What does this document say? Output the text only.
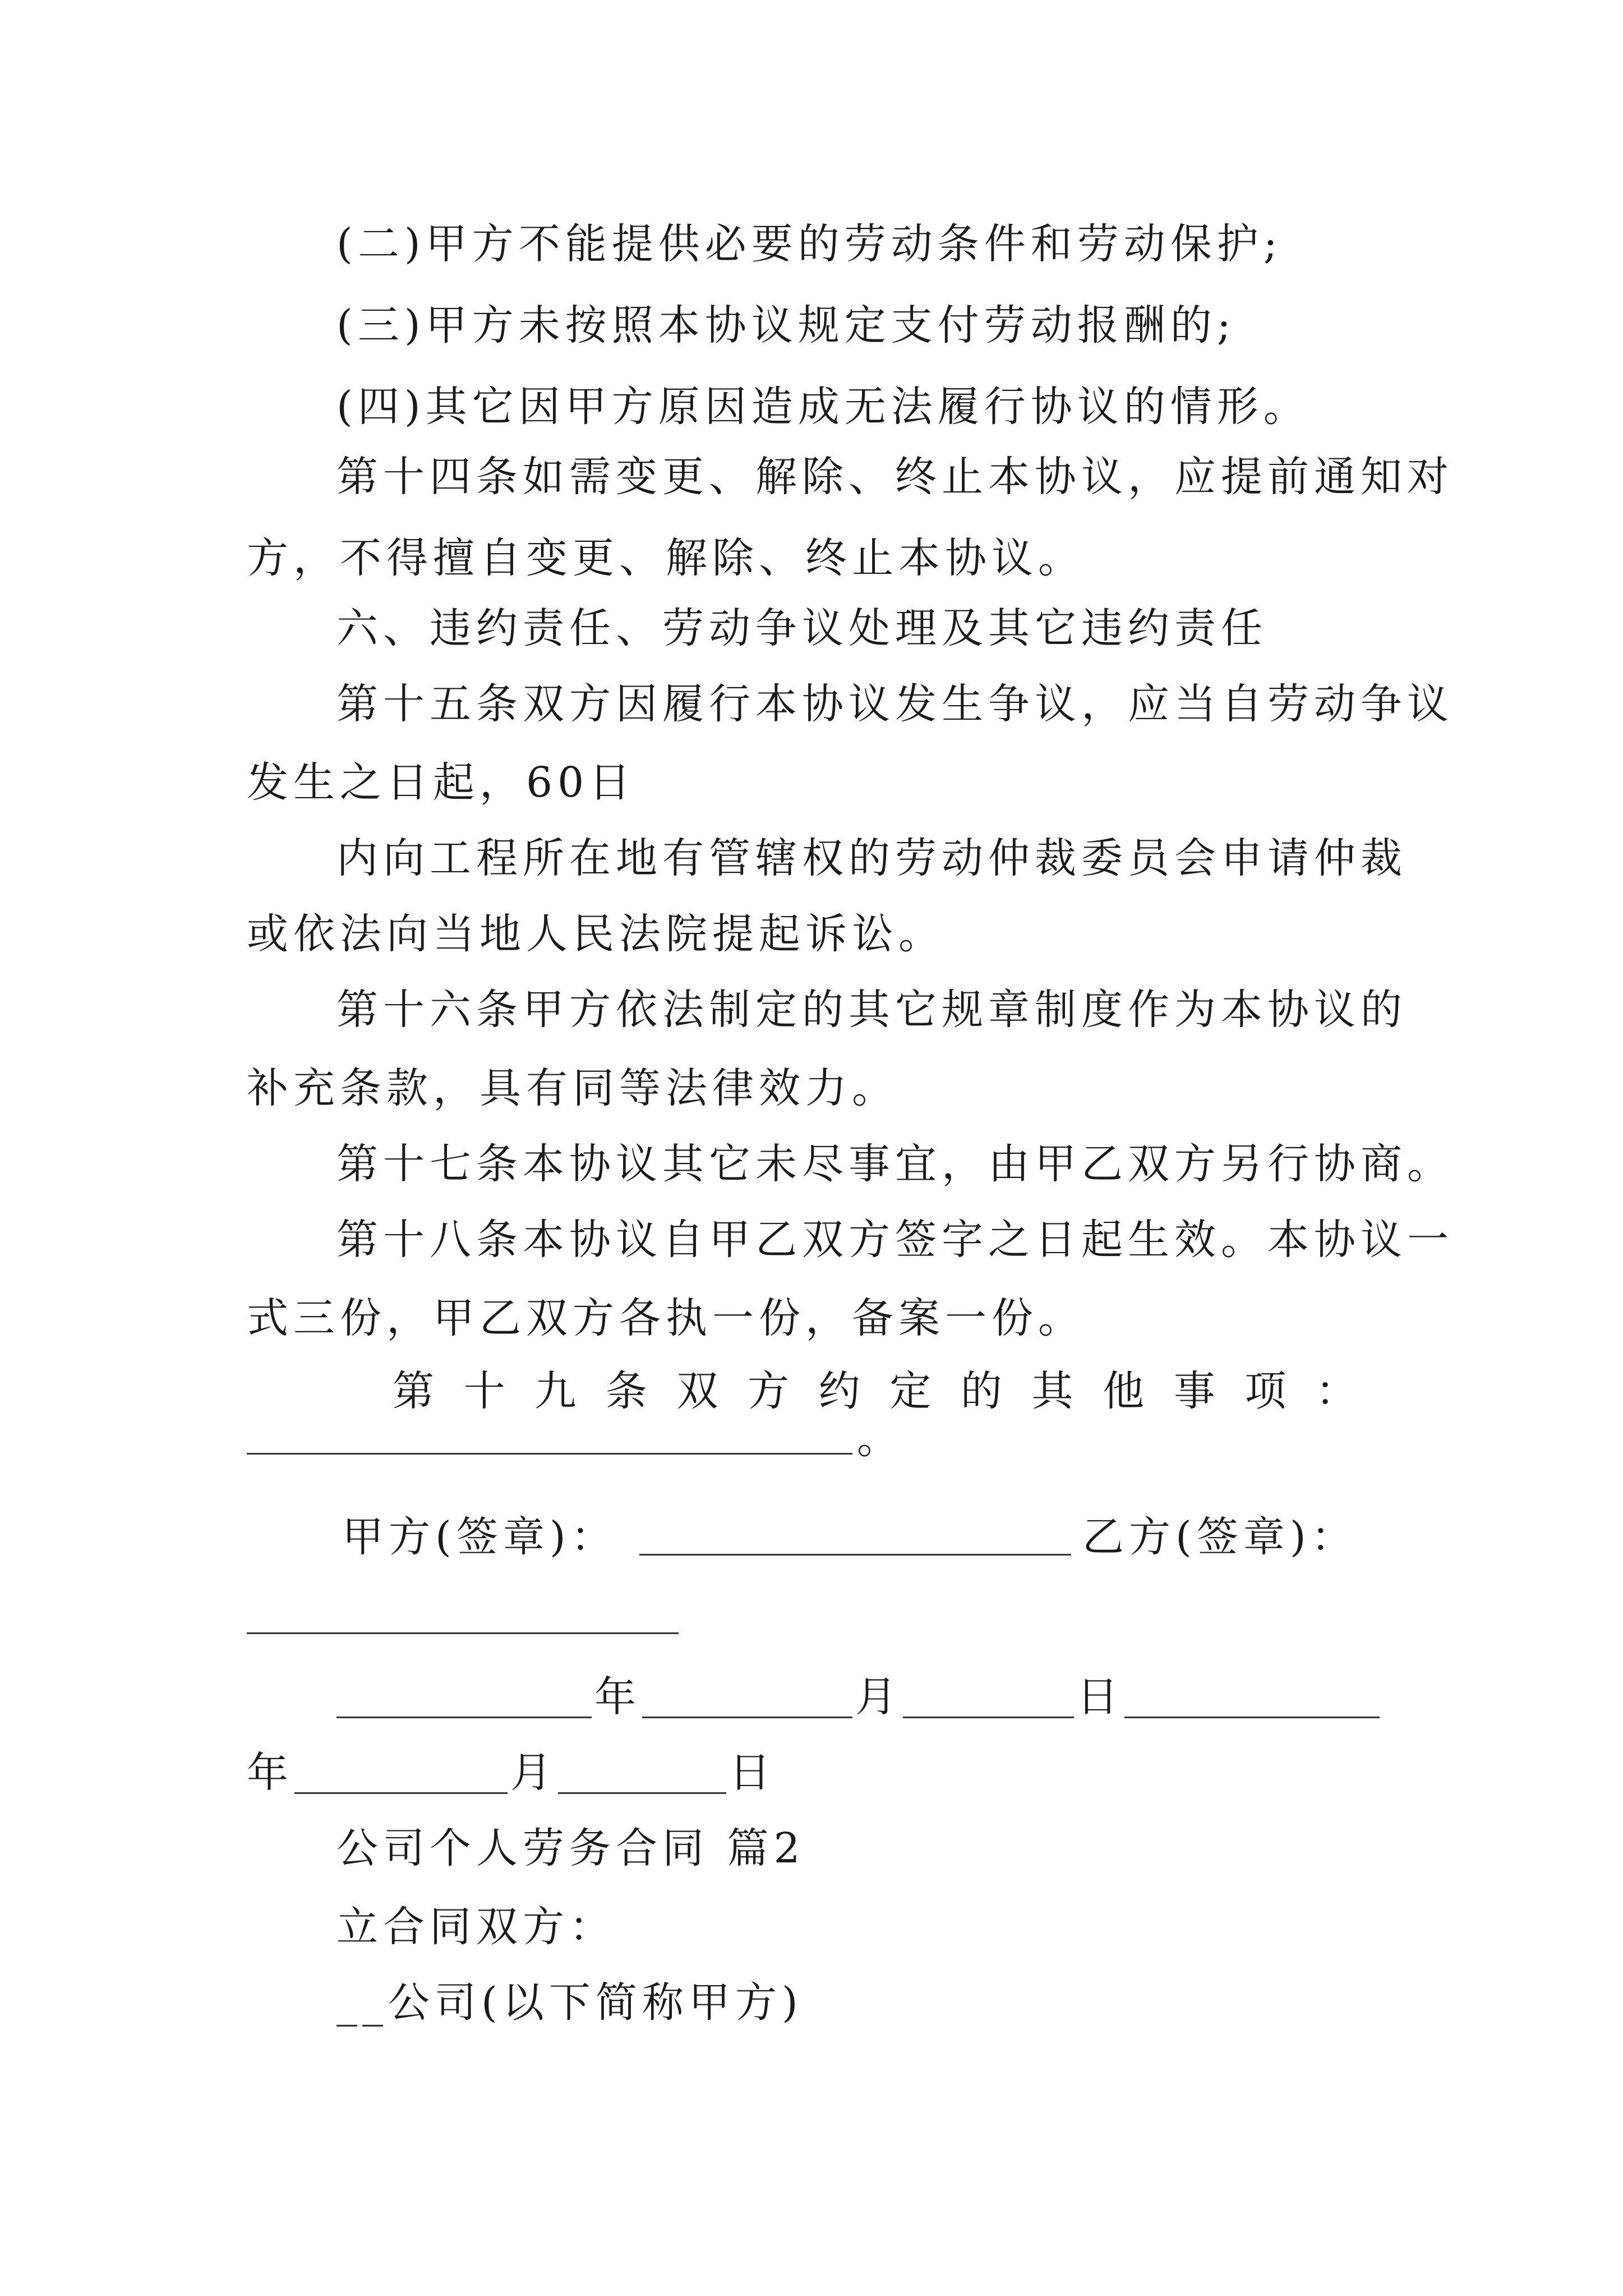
(二)甲方不能提供必要的劳动条件和劳动保护;
(三)甲方未按照本协议规定支付劳动报酬的;
(四)其它因甲方原因造成无法履行协议的情形。
第十四条如需变更、解除、终止本协议，应提前通知对
方，不得擅自变更、解除、终止本协议。
六、违约责任、劳动争议处理及其它违约责任
第十五条双方因履行本协议发生争议，应当自劳动争议
发生之日起，60日
内向工程所在地有管辖权的劳动仲裁委员会申请仲裁
或依法向当地人民法院提起诉讼。
第十六条甲方依法制定的其它规章制度作为本协议的
补充条款，具有同等法律效力。
第十七条本协议其它未尽事宜，由甲乙双方另行协商。
第十八条本协议自甲乙双方签字之日起生效。本协议一
式三份，甲乙双方各执一份，备案一份。
第 十 九 条 双 方 约 定 的 其 他 事 项 ：
。
甲方(签章)：	乙方(签章)：
年	月	日
年	月	日
公司个人劳务合同 篇2
立合同双方：
__公司(以下简称甲方)
